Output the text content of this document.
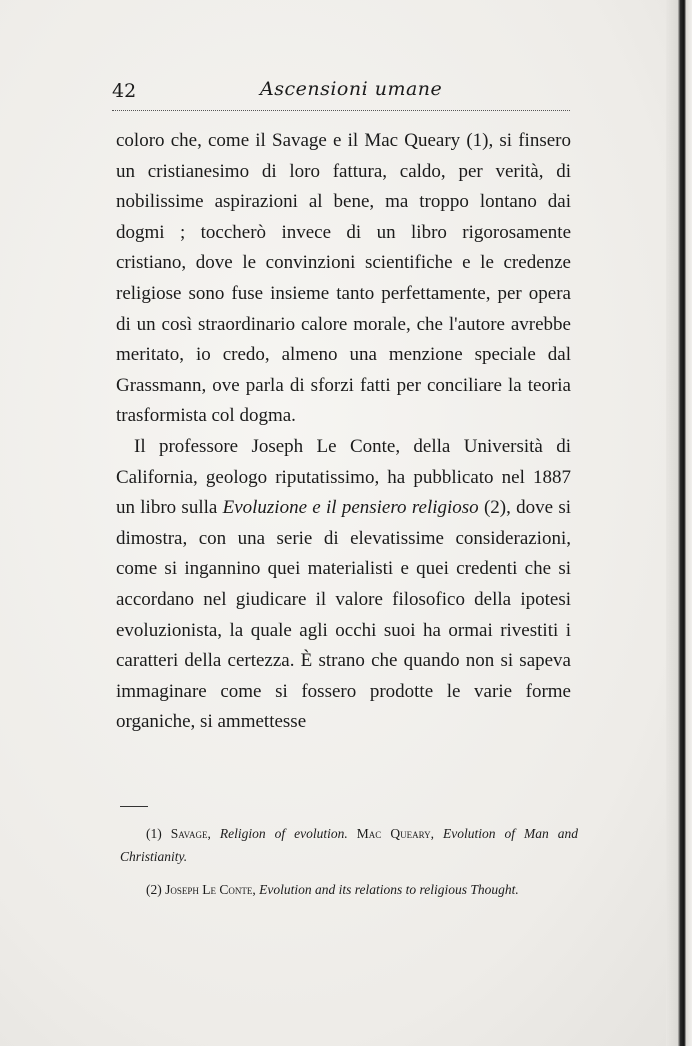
42	Ascensioni umane

coloro che, come il Savage e il Mac Queary (1), si finsero un cristianesimo di loro fattura, caldo, per verità, di nobilissime aspirazioni al bene, ma troppo lontano dai dogmi ; toccherò invece di un libro rigorosamente cristiano, dove le convinzioni scientifiche e le credenze religiose sono fuse insieme tanto perfettamente, per opera di un così straordinario calore morale, che l'autore avrebbe meritato, io credo, almeno una menzione speciale dal Grassmann, ove parla di sforzi fatti per conciliare la teoria trasformista col dogma.

Il professore Joseph Le Conte, della Università di California, geologo riputatissimo, ha pubblicato nel 1887 un libro sulla Evoluzione e il pensiero religioso (2), dove si dimostra, con una serie di elevatissime considerazioni, come si ingannino quei materialisti e quei credenti che si accordano nel giudicare il valore filosofico della ipotesi evoluzionista, la quale agli occhi suoi ha ormai rivestiti i caratteri della certezza. È strano che quando non si sapeva immaginare come si fossero prodotte le varie forme organiche, si ammettesse

(1) Savage, Religion of evolution. Mac Queary, Evolution of Man and Christianity.

(2) Joseph Le Conte, Evolution and its relations to religious Thought.
